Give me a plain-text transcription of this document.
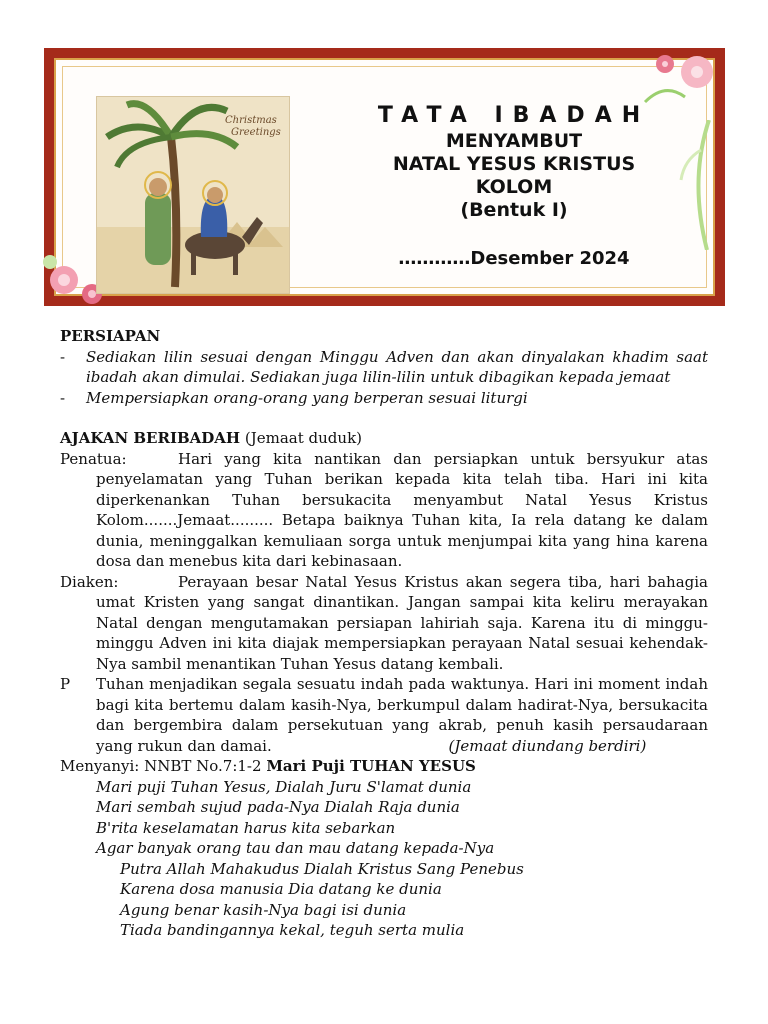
Christmas
Greetings
TATA IBADAH
MENYAMBUT
NATAL YESUS KRISTUS
KOLOM
(Bentuk I)
…………Desember 2024
PERSIAPAN
-	Sediakan lilin sesuai dengan Minggu Adven dan akan dinyalakan khadim saat ibadah akan dimulai. Sediakan juga lilin-lilin untuk dibagikan kepada jemaat
-	Mempersiapkan orang-orang yang berperan sesuai liturgi
AJAKAN BERIBADAH (Jemaat duduk)
Penatua:	Hari yang kita nantikan dan persiapkan untuk bersyukur atas penyelamatan yang Tuhan berikan kepada kita telah tiba. Hari ini kita diperkenankan Tuhan bersukacita menyambut Natal Yesus Kristus Kolom.......Jemaat......... Betapa baiknya Tuhan kita, Ia rela datang ke dalam dunia, meninggalkan kemuliaan sorga untuk menjumpai kita yang hina karena dosa dan menebus kita dari kebinasaan.
Diaken:	Perayaan besar Natal Yesus Kristus akan segera tiba, hari bahagia umat Kristen yang sangat dinantikan. Jangan sampai kita keliru merayakan Natal dengan mengutamakan persiapan lahiriah saja. Karena itu di minggu-minggu Adven ini kita diajak mempersiapkan perayaan Natal sesuai kehendak-Nya sambil menantikan Tuhan Yesus datang kembali.
P Tuhan menjadikan segala sesuatu indah pada waktunya. Hari ini moment indah bagi kita bertemu dalam kasih-Nya, berkumpul dalam hadirat-Nya, bersukacita dan bergembira dalam persekutuan yang akrab, penuh kasih persaudaraan yang rukun dan damai.	(Jemaat diundang berdiri)
Menyanyi: NNBT No.7:1-2 Mari Puji TUHAN YESUS
Mari puji Tuhan Yesus, Dialah Juru S'lamat dunia
Mari sembah sujud pada-Nya Dialah Raja dunia
B'rita keselamatan harus kita sebarkan
Agar banyak orang tau dan mau datang kepada-Nya
Putra Allah Mahakudus Dialah Kristus Sang Penebus
Karena dosa manusia Dia datang ke dunia
Agung benar kasih-Nya bagi isi dunia
Tiada bandingannya kekal, teguh serta mulia
